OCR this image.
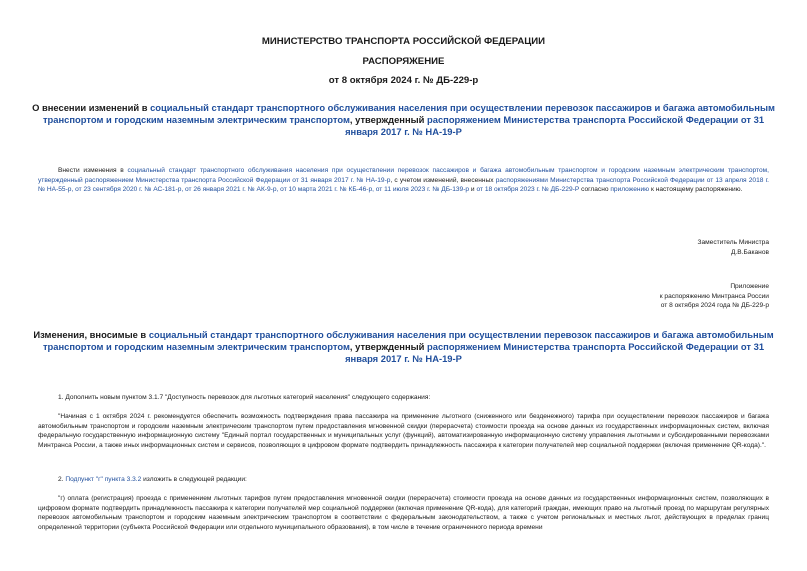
МИНИСТЕРСТВО ТРАНСПОРТА РОССИЙСКОЙ ФЕДЕРАЦИИ
РАСПОРЯЖЕНИЕ
от 8 октября 2024 г. № ДБ-229-р
О внесении изменений в социальный стандарт транспортного обслуживания населения при осуществлении перевозок пассажиров и багажа автомобильным транспортом и городским наземным электрическим транспортом, утвержденный распоряжением Министерства транспорта Российской Федерации от 31 января 2017 г. № НА-19-Р
Внести изменения в социальный стандарт транспортного обслуживания населения при осуществлении перевозок пассажиров и багажа автомобильным транспортом и городским наземным электрическим транспортом, утвержденный распоряжением Министерства транспорта Российской Федерации от 31 января 2017 г. № НА-19-р, с учетом изменений, внесенных распоряжениями Министерства транспорта Российской Федерации от 13 апреля 2018 г. № НА-55-р, от 23 сентября 2020 г. № АС-181-р, от 26 января 2021 г. № АК-9-р, от 10 марта 2021 г. № КБ-46-р, от 11 июля 2023 г. № ДБ-139-р и от 18 октября 2023 г. № ДБ-229-Р согласно приложению к настоящему распоряжению.
Заместитель Министра
Д.В.Баканов
Приложение
к распоряжению Минтранса России
от 8 октября 2024 года № ДБ-229-р
Изменения, вносимые в социальный стандарт транспортного обслуживания населения при осуществлении перевозок пассажиров и багажа автомобильным транспортом и городским наземным электрическим транспортом, утвержденный распоряжением Министерства транспорта Российской Федерации от 31 января 2017 г. № НА-19-Р
1. Дополнить новым пунктом 3.1.7 "Доступность перевозок для льготных категорий населения" следующего содержания:
"Начиная с 1 октября 2024 г. рекомендуется обеспечить возможность подтверждения права пассажира на применение льготного (сниженного или безденежного) тарифа при осуществлении перевозок пассажиров и багажа автомобильным транспортом и городским наземным электрическим транспортом путем предоставления мгновенной скидки (перерасчета) стоимости проезда на основе данных из государственных информационных систем, включая федеральную государственную информационную систему "Единый портал государственных и муниципальных услуг (функций), автоматизированную информационную систему управления льготными и субсидированными перевозками Минтранса России, а также иных информационных систем и сервисов, позволяющих в цифровом формате подтвердить принадлежность пассажира к категории получателей мер социальной поддержки (включая применение QR-кода).".
2. Подпункт "г" пункта 3.3.2 изложить в следующей редакции:
"г) оплата (регистрация) проезда с применением льготных тарифов путем предоставления мгновенной скидки (перерасчета) стоимости проезда на основе данных из государственных информационных систем, позволяющих в цифровом формате подтвердить принадлежность пассажира к категории получателей мер социальной поддержки (включая применение QR-кода), для категорий граждан, имеющих право на льготный проезд по маршрутам регулярных перевозок автомобильным транспортом и городским наземным электрическим транспортом в соответствии с федеральным законодательством, а также с учетом региональных и местных льгот, действующих в пределах границ определенной территории (субъекта Российской Федерации или отдельного муниципального образования), в том числе в течение ограниченного периода времени
